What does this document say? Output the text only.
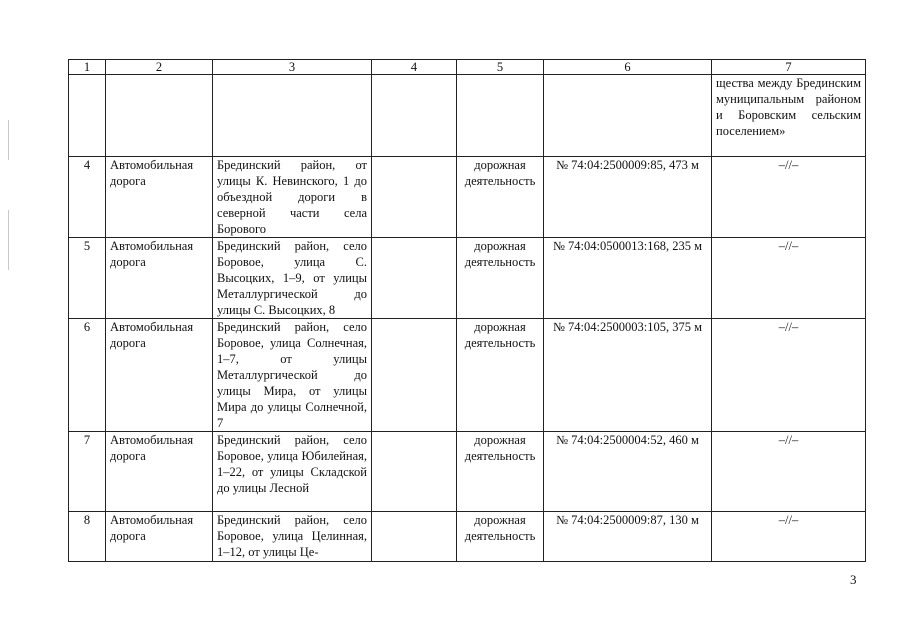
1	2	3	4	5	6	7
						щества между Брединским муниципальным районом и Боровским сельским поселением»
4	Автомобильная дорога	Брединский район, от улицы К. Невинского, 1 до объездной дороги в северной части села Борового		дорожная деятельность	№ 74:04:2500009:85, 473 м	–//–
5	Автомобильная дорога	Брединский район, село Боровое, улица С. Высоцких, 1–9, от улицы Металлургической до улицы С. Высоцких, 8		дорожная деятельность	№ 74:04:0500013:168, 235 м	–//–
6	Автомобильная дорога	Брединский район, село Боровое, улица Солнечная, 1–7, от улицы Металлургической до улицы Мира, от улицы Мира до улицы Солнечной, 7		дорожная деятельность	№ 74:04:2500003:105, 375 м	–//–
7	Автомобильная дорога	Брединский район, село Боровое, улица Юбилейная, 1–22, от улицы Складской до улицы Лесной		дорожная деятельность	№ 74:04:2500004:52, 460 м	–//–
8	Автомобильная дорога	Брединский район, село Боровое, улица Целинная, 1–12, от улицы Це-		дорожная деятельность	№ 74:04:2500009:87, 130 м	–//–
3
